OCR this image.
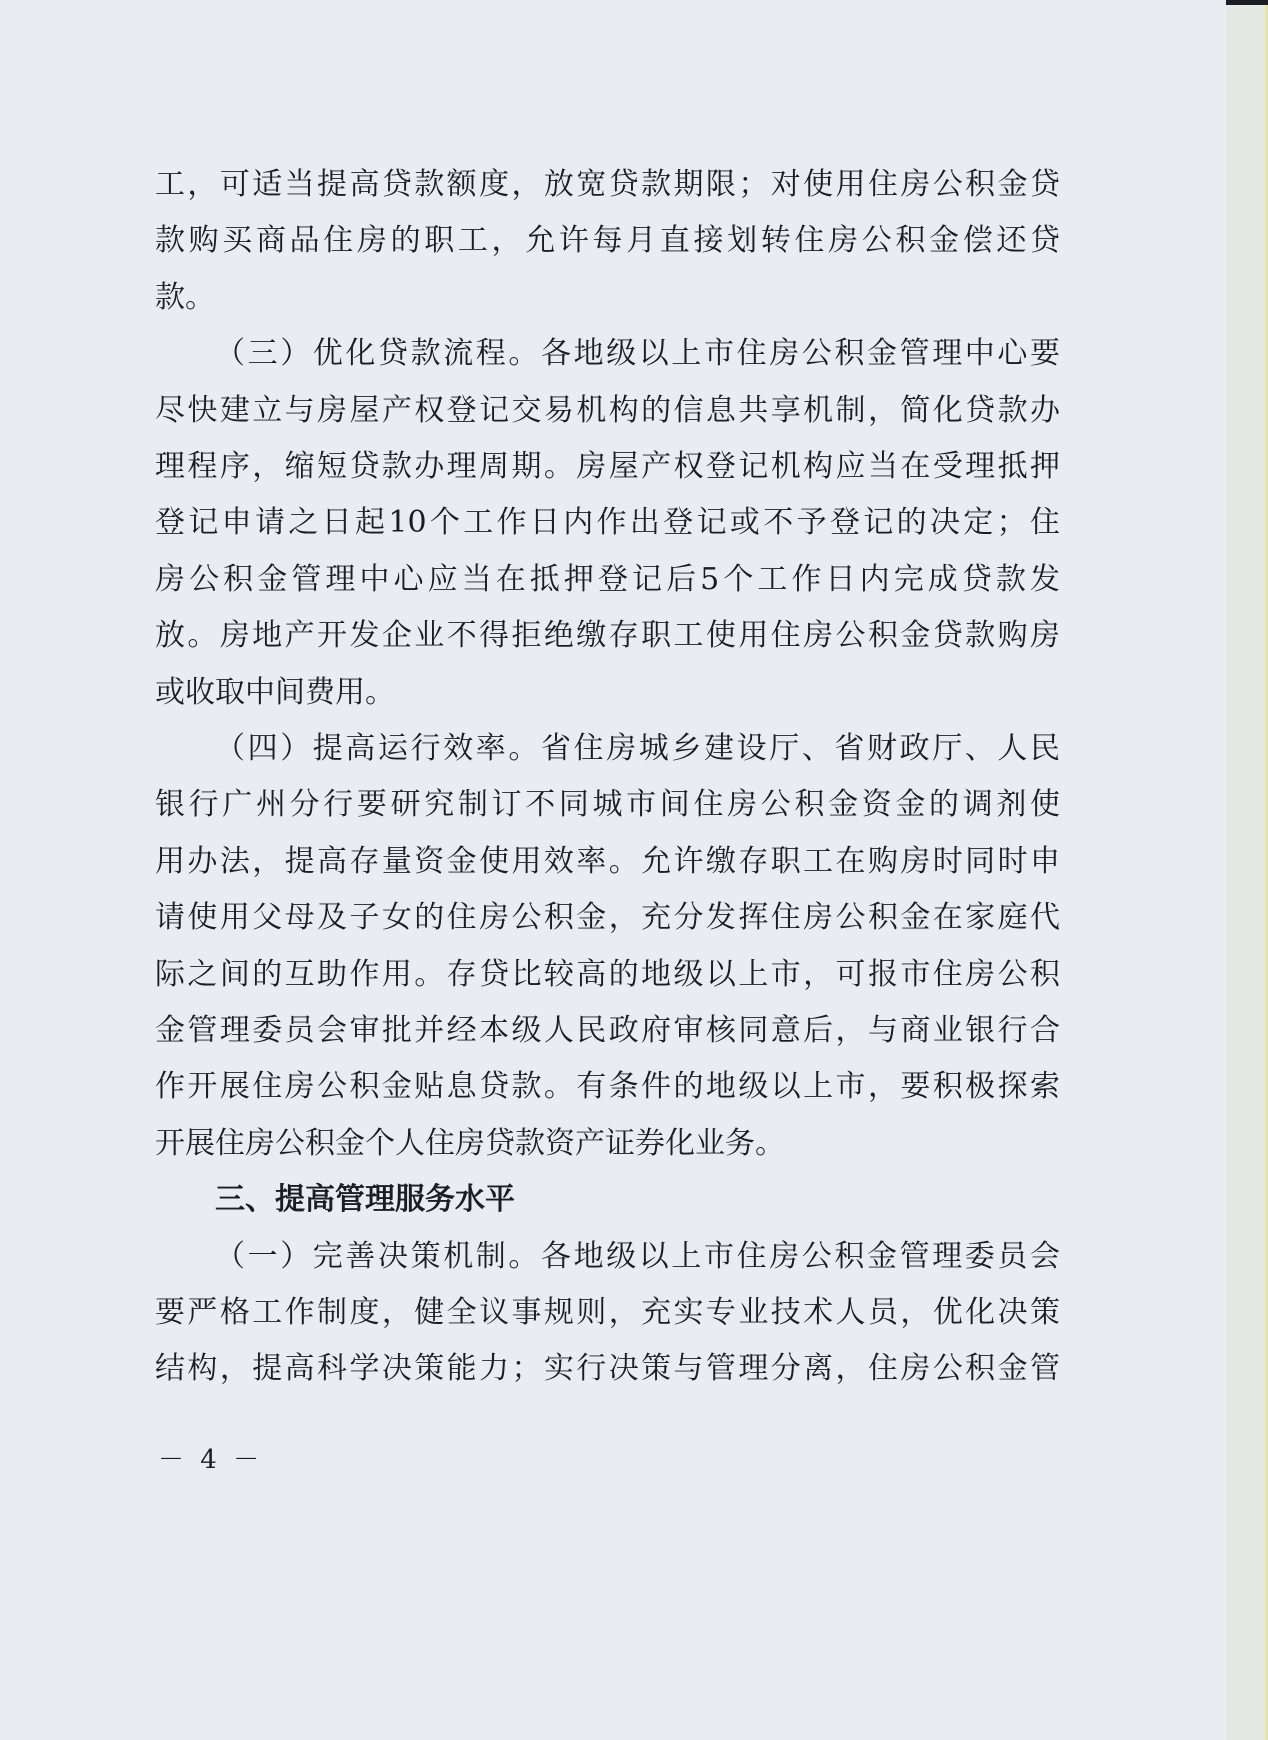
工，可适当提高贷款额度，放宽贷款期限；对使用住房公积金贷
款购买商品住房的职工，允许每月直接划转住房公积金偿还贷
款。
（三）优化贷款流程。各地级以上市住房公积金管理中心要
尽快建立与房屋产权登记交易机构的信息共享机制，简化贷款办
理程序，缩短贷款办理周期。房屋产权登记机构应当在受理抵押
登记申请之日起10个工作日内作出登记或不予登记的决定；住
房公积金管理中心应当在抵押登记后5个工作日内完成贷款发
放。房地产开发企业不得拒绝缴存职工使用住房公积金贷款购房
或收取中间费用。
（四）提高运行效率。省住房城乡建设厅、省财政厅、人民
银行广州分行要研究制订不同城市间住房公积金资金的调剂使
用办法，提高存量资金使用效率。允许缴存职工在购房时同时申
请使用父母及子女的住房公积金，充分发挥住房公积金在家庭代
际之间的互助作用。存贷比较高的地级以上市，可报市住房公积
金管理委员会审批并经本级人民政府审核同意后，与商业银行合
作开展住房公积金贴息贷款。有条件的地级以上市，要积极探索
开展住房公积金个人住房贷款资产证券化业务。
三、提高管理服务水平
（一）完善决策机制。各地级以上市住房公积金管理委员会
要严格工作制度，健全议事规则，充实专业技术人员，优化决策
结构，提高科学决策能力；实行决策与管理分离，住房公积金管
－ 4 －
